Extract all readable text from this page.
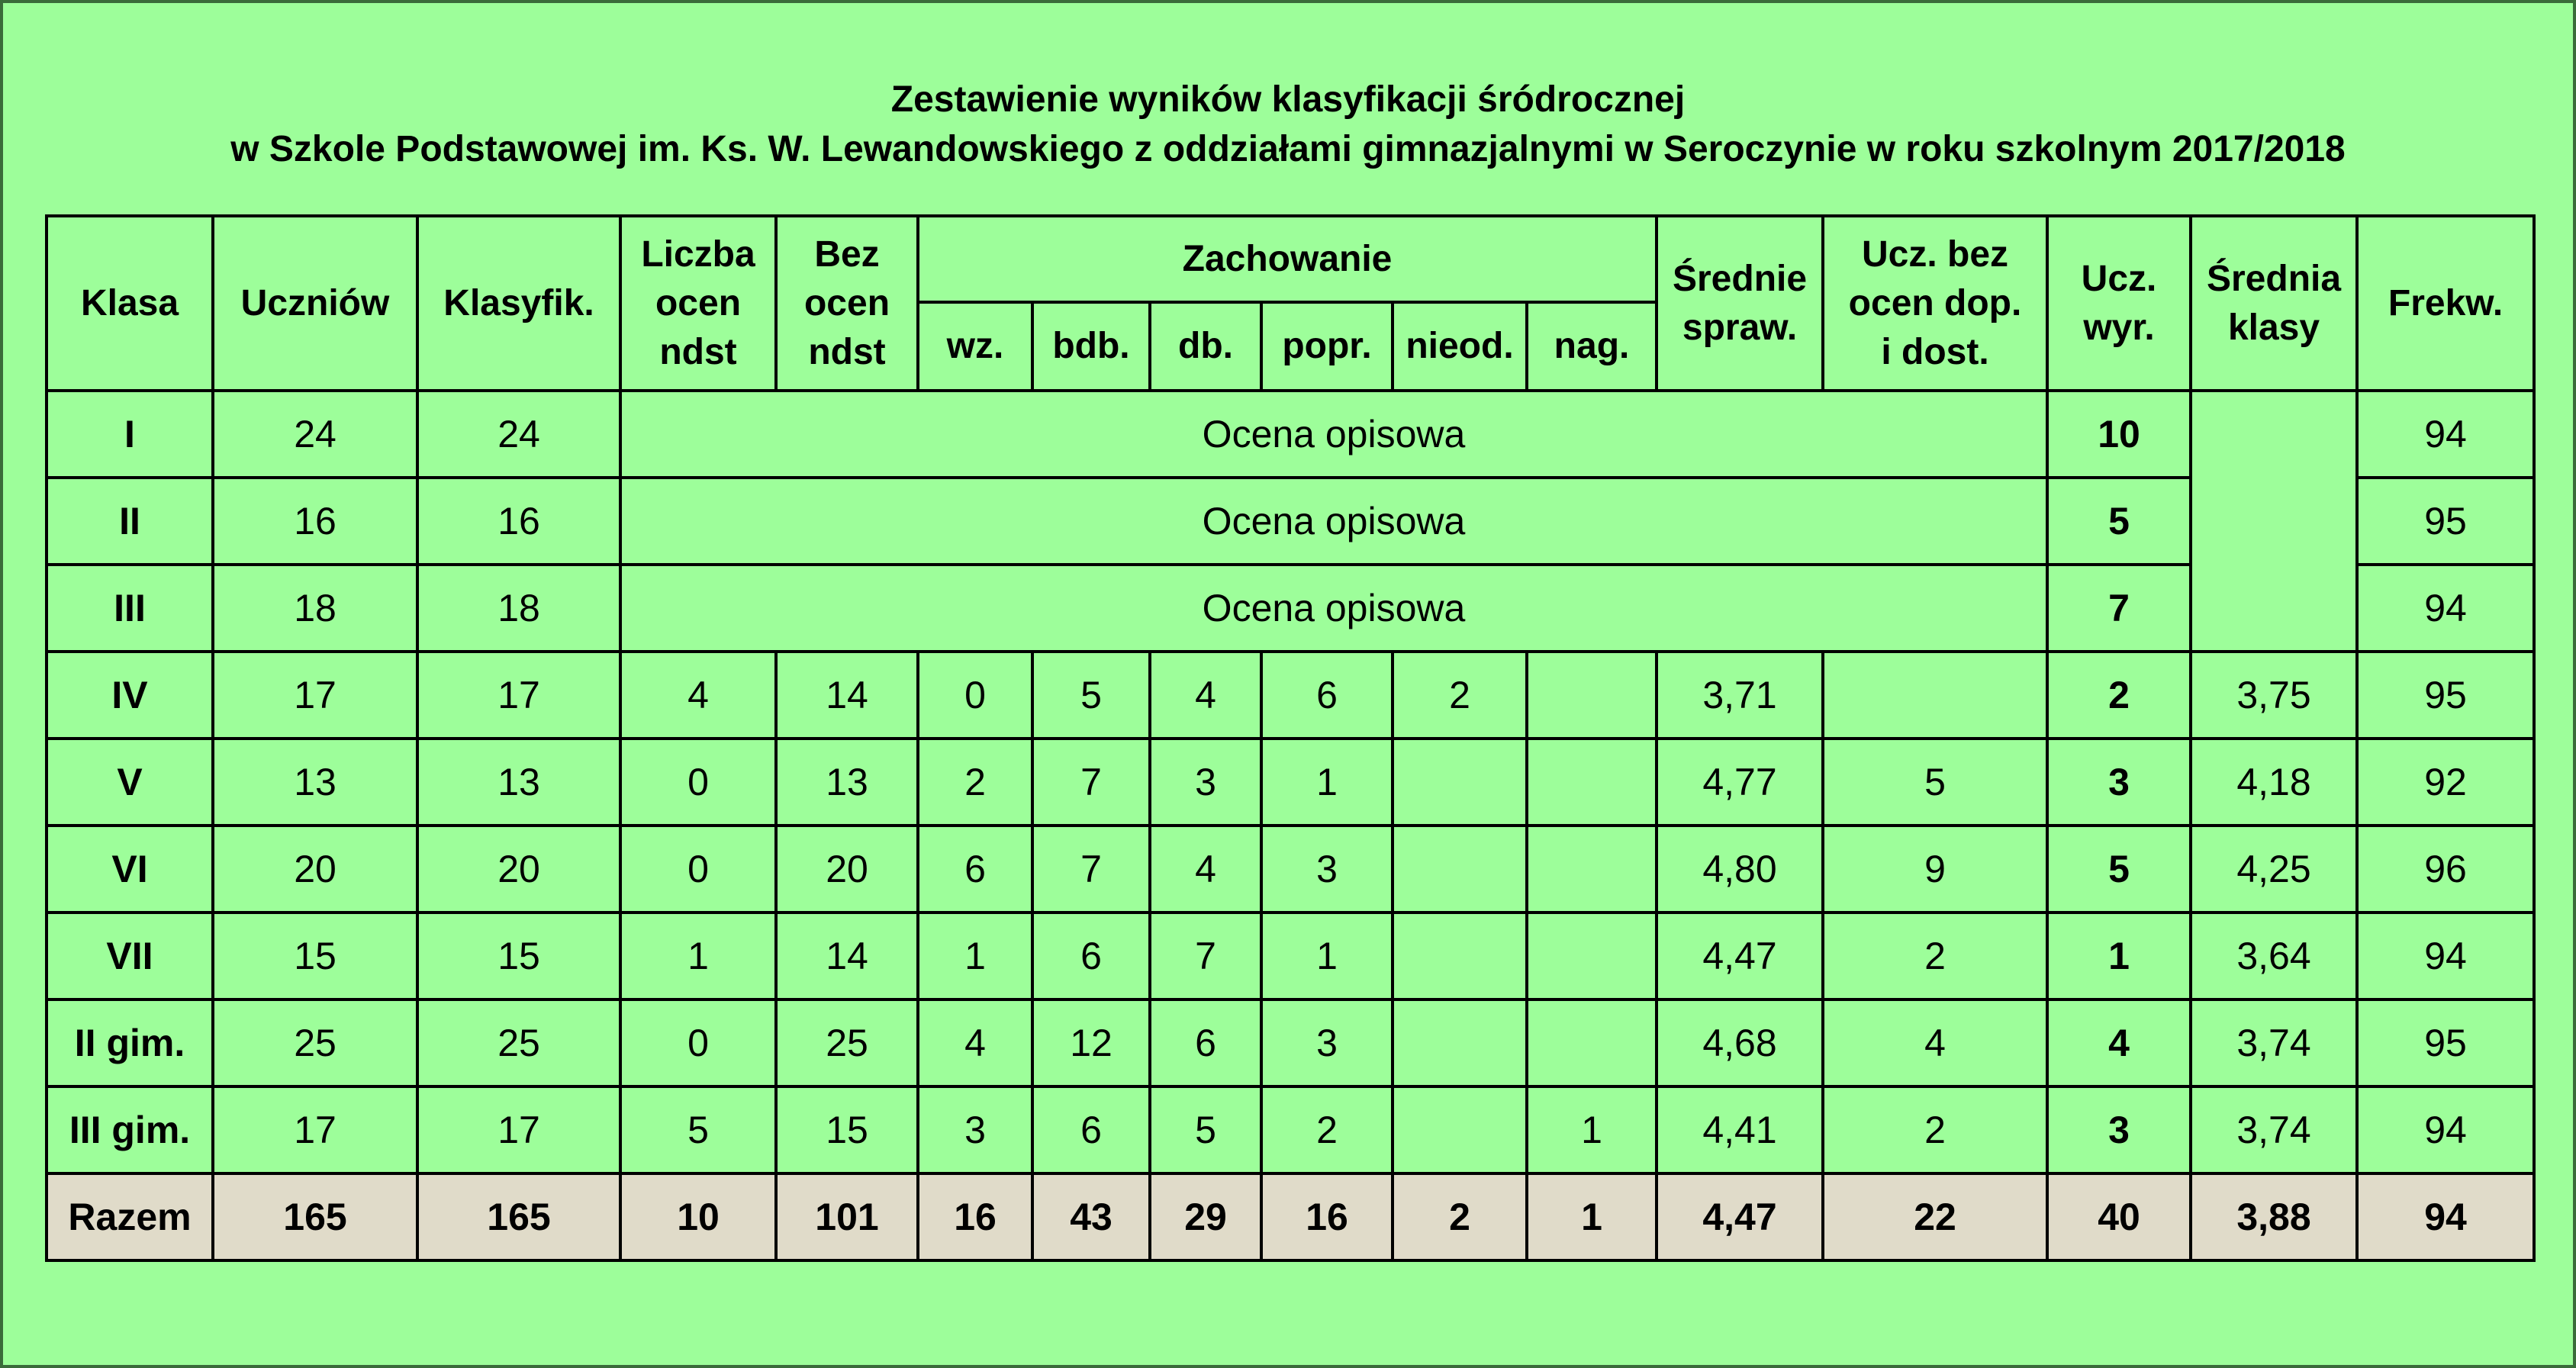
Zestawienie wyników klasyfikacji śródrocznej
w Szkole Podstawowej im. Ks. W. Lewandowskiego z oddziałami gimnazjalnymi w Seroczynie w roku szkolnym 2017/2018
Klasa	Uczniów	Klasyfik.	Liczba
ocen
ndst	Bez
ocen
ndst	Zachowanie						Średnie
spraw.	Ucz. bez
ocen dop.
i dost.	Ucz.
wyr.	Średnia
klasy	Frekw.
					wz.	bdb.	db.	popr.	nieod.	nag.					
I	24	24	Ocena opisowa										10		94
II	16	16	Ocena opisowa										5		95
III	18	18	Ocena opisowa										7		94
IV	17	17	4	14	0	5	4	6	2		3,71		2	3,75	95
V	13	13	0	13	2	7	3	1			4,77	5	3	4,18	92
VI	20	20	0	20	6	7	4	3			4,80	9	5	4,25	96
VII	15	15	1	14	1	6	7	1			4,47	2	1	3,64	94
II gim.	25	25	0	25	4	12	6	3			4,68	4	4	3,74	95
III gim.	17	17	5	15	3	6	5	2		1	4,41	2	3	3,74	94
Razem	165	165	10	101	16	43	29	16	2	1	4,47	22	40	3,88	94
